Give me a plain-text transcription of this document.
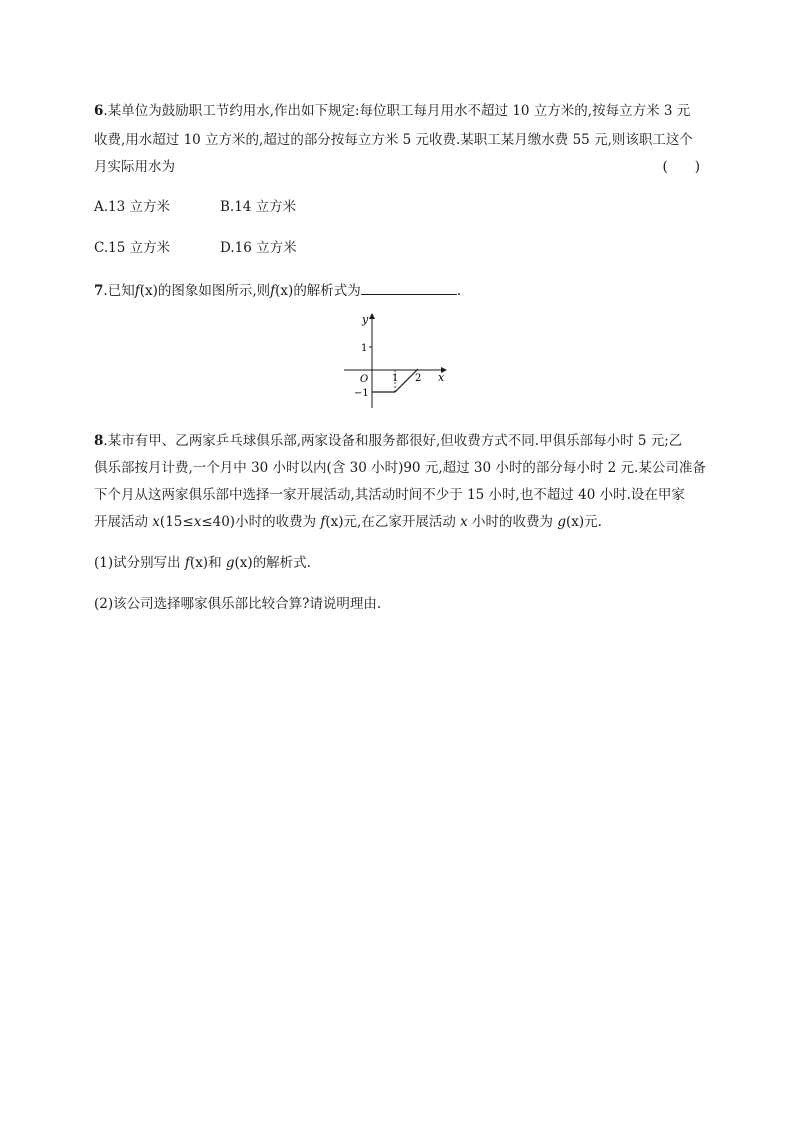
6.某单位为鼓励职工节约用水,作出如下规定:每位职工每月用水不超过 10 立方米的,按每立方米 3 元
收费,用水超过 10 立方米的,超过的部分按每立方米 5 元收费.某职工某月缴水费 55 元,则该职工这个
月实际用水为	(　　)
A.13 立方米	B.14 立方米
C.15 立方米	D.16 立方米
7.已知f(x)的图象如图所示,则f(x)的解析式为	.
y
x
O
1
−1
1 2
8.某市有甲、乙两家乒乓球俱乐部,两家设备和服务都很好,但收费方式不同.甲俱乐部每小时 5 元;乙
俱乐部按月计费,一个月中 30 小时以内(含 30 小时)90 元,超过 30 小时的部分每小时 2 元.某公司准备
下个月从这两家俱乐部中选择一家开展活动,其活动时间不少于 15 小时,也不超过 40 小时.设在甲家
开展活动 x(15≤x≤40)小时的收费为 f(x)元,在乙家开展活动 x 小时的收费为 g(x)元.
(1)试分别写出 f(x)和 g(x)的解析式.
(2)该公司选择哪家俱乐部比较合算?请说明理由.
